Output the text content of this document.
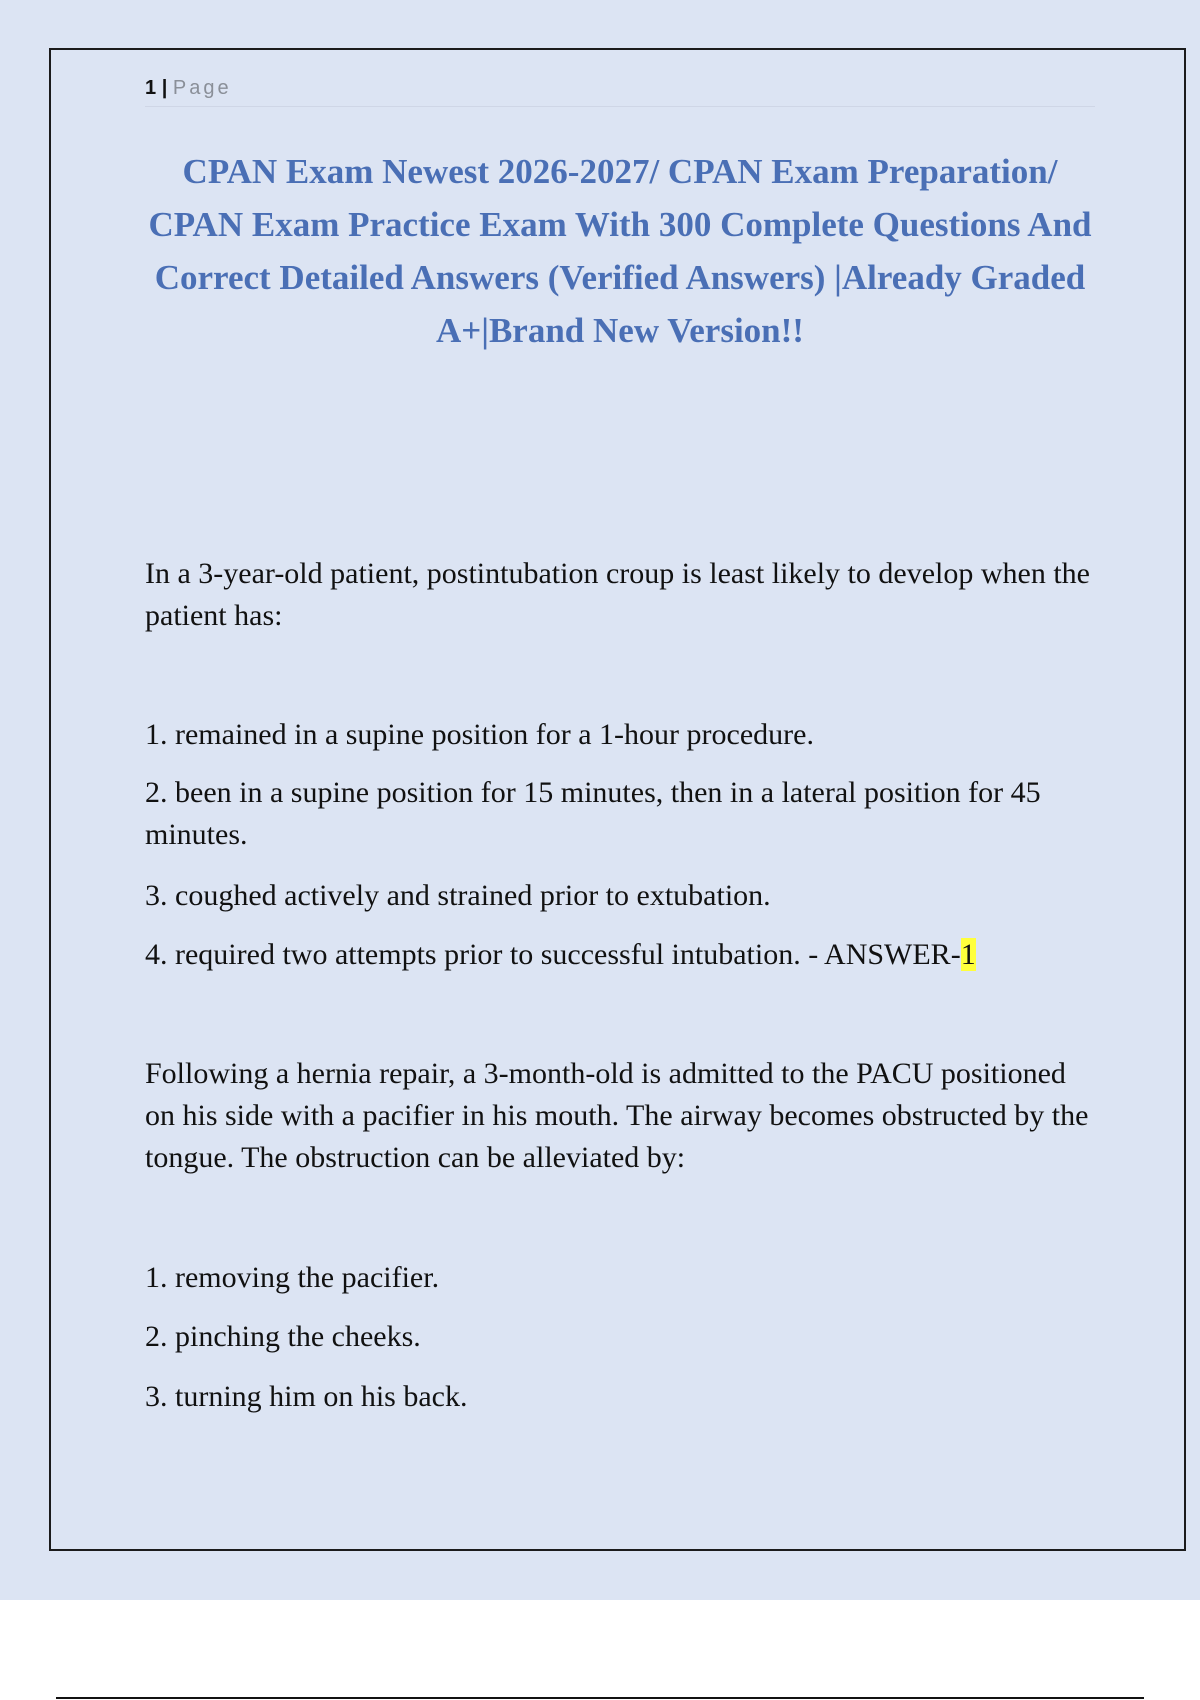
1 | Page
CPAN Exam Newest 2026-2027/ CPAN Exam Preparation/ CPAN Exam Practice Exam With 300 Complete Questions And Correct Detailed Answers (Verified Answers) |Already Graded A+|Brand New Version!!

In a 3-year-old patient, postintubation croup is least likely to develop when the patient has:

1. remained in a supine position for a 1-hour procedure.

2. been in a supine position for 15 minutes, then in a lateral position for 45 minutes.

3. coughed actively and strained prior to extubation.

4. required two attempts prior to successful intubation. - ANSWER-1

Following a hernia repair, a 3-month-old is admitted to the PACU positioned on his side with a pacifier in his mouth. The airway becomes obstructed by the tongue. The obstruction can be alleviated by:

1. removing the pacifier.

2. pinching the cheeks.

3. turning him on his back.
